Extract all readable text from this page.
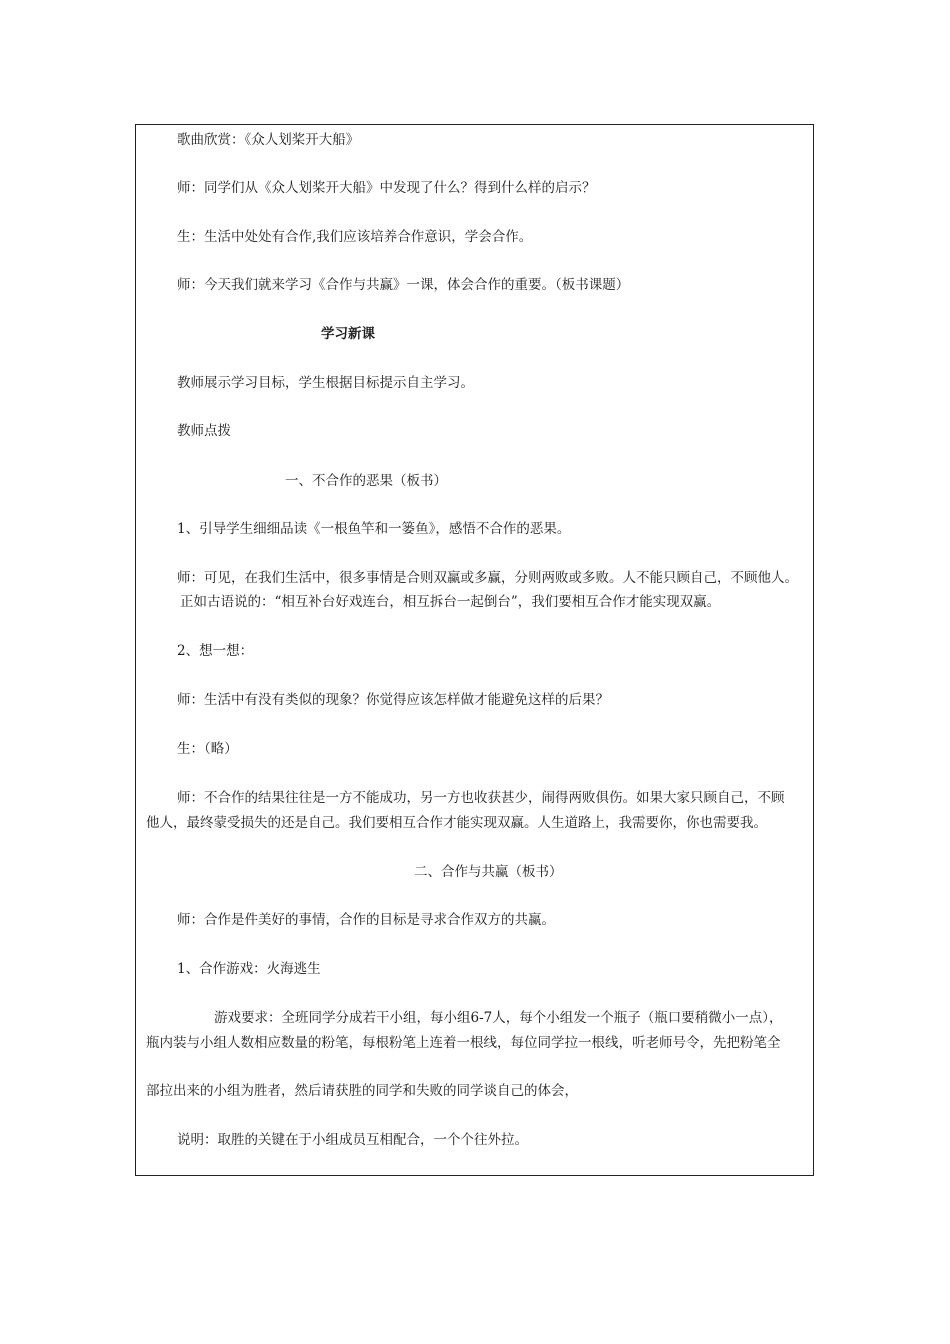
歌曲欣赏：《众人划桨开大船》
师：同学们从《众人划桨开大船》中发现了什么？得到什么样的启示？
生：生活中处处有合作,我们应该培养合作意识，学会合作。
师：今天我们就来学习《合作与共赢》一课，体会合作的重要。（板书课题）
学习新课
教师展示学习目标，学生根据目标提示自主学习。
教师点拨
一、不合作的恶果（板书）
1、引导学生细细品读《一根鱼竿和一篓鱼》，感悟不合作的恶果。
师：可见，在我们生活中，很多事情是合则双赢或多赢，分则两败或多败。人不能只顾自己，不顾他人。
正如古语说的：“相互补台好戏连台，相互拆台一起倒台”，我们要相互合作才能实现双赢。
2、想一想：
师：生活中有没有类似的现象？你觉得应该怎样做才能避免这样的后果？
生：（略）
师：不合作的结果往往是一方不能成功，另一方也收获甚少，闹得两败俱伤。如果大家只顾自己，不顾
他人，最终蒙受损失的还是自己。我们要相互合作才能实现双赢。人生道路上，我需要你，你也需要我。
二、合作与共赢（板书）
师：合作是件美好的事情，合作的目标是寻求合作双方的共赢。
1、合作游戏：火海逃生
游戏要求：全班同学分成若干小组，每小组6-7人，每个小组发一个瓶子（瓶口要稍微小一点），
瓶内装与小组人数相应数量的粉笔，每根粉笔上连着一根线，每位同学拉一根线，听老师号令，先把粉笔全
部拉出来的小组为胜者，然后请获胜的同学和失败的同学谈自己的体会，
说明：取胜的关键在于小组成员互相配合，一个个往外拉。
